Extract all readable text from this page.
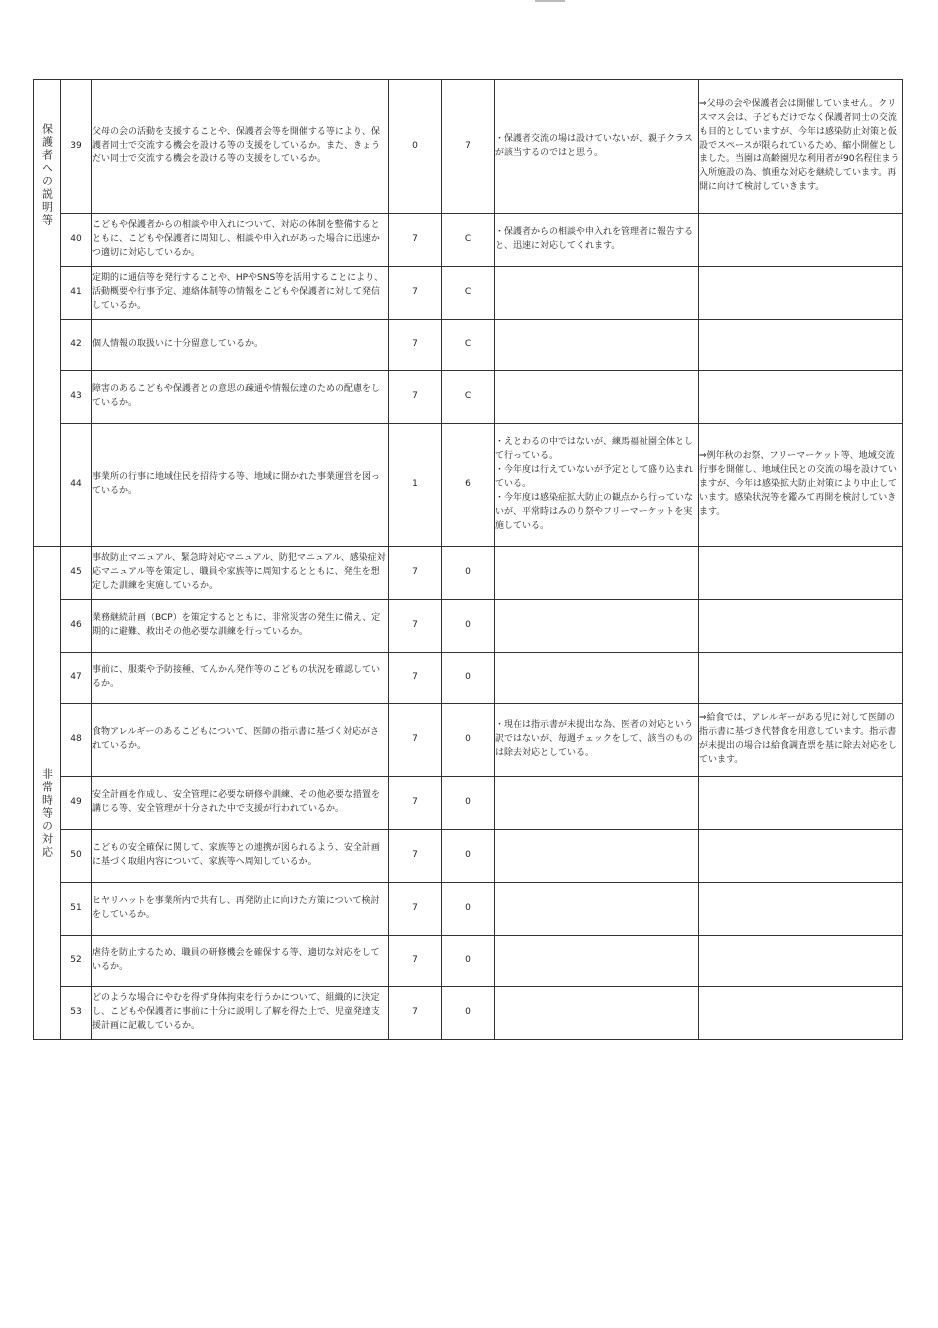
保護者への説明等	39	父母の会の活動を支援することや、保護者会等を開催する等により、保護者同士で交流する機会を設ける等の支援をしているか。また、きょうだい同士で交流する機会を設ける等の支援をしているか。	0	7	・保護者交流の場は設けていないが、親子クラスが該当するのではと思う。	⇒父母の会や保護者会は開催していません。クリスマス会は、子どもだけでなく保護者同士の交流も目的としていますが、今年は感染防止対策と仮設でスペースが限られているため、縮小開催としました。当園は高齢園児な利用者が90名程住まう入所施設の為、慎重な対応を継続しています。再開に向けて検討していきます。

	40	こどもや保護者からの相談や申入れについて、対応の体制を整備するとともに、こどもや保護者に周知し、相談や申入れがあった場合に迅速かつ適切に対応しているか。	7	C	・保護者からの相談や申入れを管理者に報告すると、迅速に対応してくれます。	

	41	定期的に通信等を発行することや、HPやSNS等を活用することにより、活動概要や行事予定、連絡体制等の情報をこどもや保護者に対して発信しているか。	7	C		
	42	個人情報の取扱いに十分留意しているか。	7	C		
	43	障害のあるこどもや保護者との意思の疎通や情報伝達のための配慮をしているか。	7	C		
	44	事業所の行事に地域住民を招待する等、地域に開かれた事業運営を図っているか。	1	6	・えとわるの中ではないが、練馬福祉園全体として行っている。
・今年度は行えていないが予定として盛り込まれている。
・今年度は感染症拡大防止の観点から行っていないが、平常時はみのり祭やフリーマーケットを実施している。	⇒例年秋のお祭、フリーマーケット等、地域交流行事を開催し、地域住民との交流の場を設けていますが、今年は感染拡大防止対策により中止しています。感染状況等を鑑みて再開を検討していきます。

非常時等の対応	45	事故防止マニュアル、緊急時対応マニュアル、防犯マニュアル、感染症対応マニュアル等を策定し、職員や家族等に周知するとともに、発生を想定した訓練を実施しているか。	7	0		
	46	業務継続計画（BCP）を策定するとともに、非常災害の発生に備え、定期的に避難、救出その他必要な訓練を行っているか。	7	0		
	47	事前に、服薬や予防接種、てんかん発作等のこどもの状況を確認しているか。	7	0		
	48	食物アレルギーのあるこどもについて、医師の指示書に基づく対応がされているか。	7	0	・現在は指示書が未提出な為、医者の対応という訳ではないが、毎週チェックをして、該当のものは除去対応としている。	⇒給食では、アレルギーがある児に対して医師の指示書に基づき代替食を用意しています。指示書が未提出の場合は給食調査票を基に除去対応をしています。

	49	安全計画を作成し、安全管理に必要な研修や訓練、その他必要な措置を講じる等、安全管理が十分された中で支援が行われているか。	7	0		
	50	こどもの安全確保に関して、家族等との連携が図られるよう、安全計画に基づく取組内容について、家族等へ周知しているか。	7	0		
	51	ヒヤリハットを事業所内で共有し、再発防止に向けた方策について検討をしているか。	7	0		
	52	虐待を防止するため、職員の研修機会を確保する等、適切な対応をしているか。	7	0		
	53	どのような場合にやむを得ず身体拘束を行うかについて、組織的に決定し、こどもや保護者に事前に十分に説明し了解を得た上で、児童発達支援計画に記載しているか。	7	0		
